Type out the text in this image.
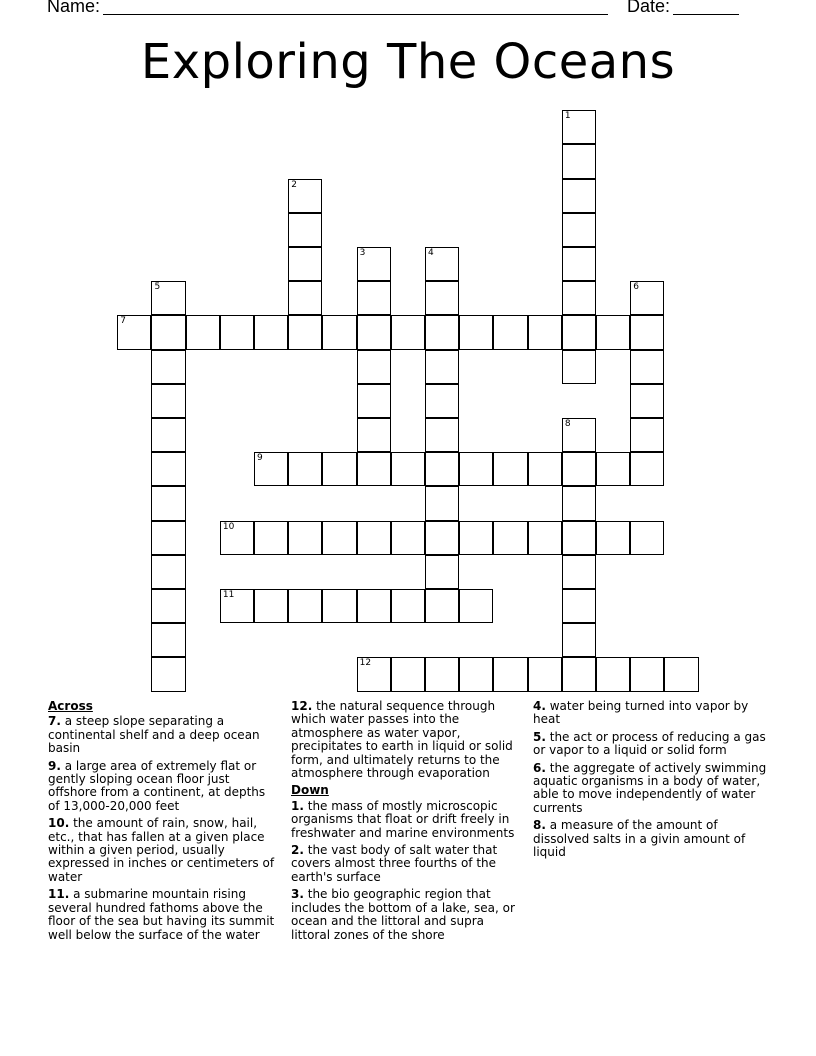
Name:	Date:
Exploring The Oceans
1
2
3	4
5	6
7
8
9
10
11
12
Across
7. a steep slope separating a continental shelf and a deep ocean basin
9. a large area of extremely flat or gently sloping ocean floor just offshore from a continent, at depths of 13,000-20,000 feet
10. the amount of rain, snow, hail, etc., that has fallen at a given place within a given period, usually expressed in inches or centimeters of water
11. a submarine mountain rising several hundred fathoms above the floor of the sea but having its summit well below the surface of the water
12. the natural sequence through which water passes into the atmosphere as water vapor, precipitates to earth in liquid or solid form, and ultimately returns to the atmosphere through evaporation
Down
1. the mass of mostly microscopic organisms that float or drift freely in freshwater and marine environments
2. the vast body of salt water that covers almost three fourths of the earth's surface
3. the bio geographic region that includes the bottom of a lake, sea, or ocean and the littoral and supra littoral zones of the shore
4. water being turned into vapor by heat
5. the act or process of reducing a gas or vapor to a liquid or solid form
6. the aggregate of actively swimming aquatic organisms in a body of water, able to move independently of water currents
8. a measure of the amount of dissolved salts in a givin amount of liquid
